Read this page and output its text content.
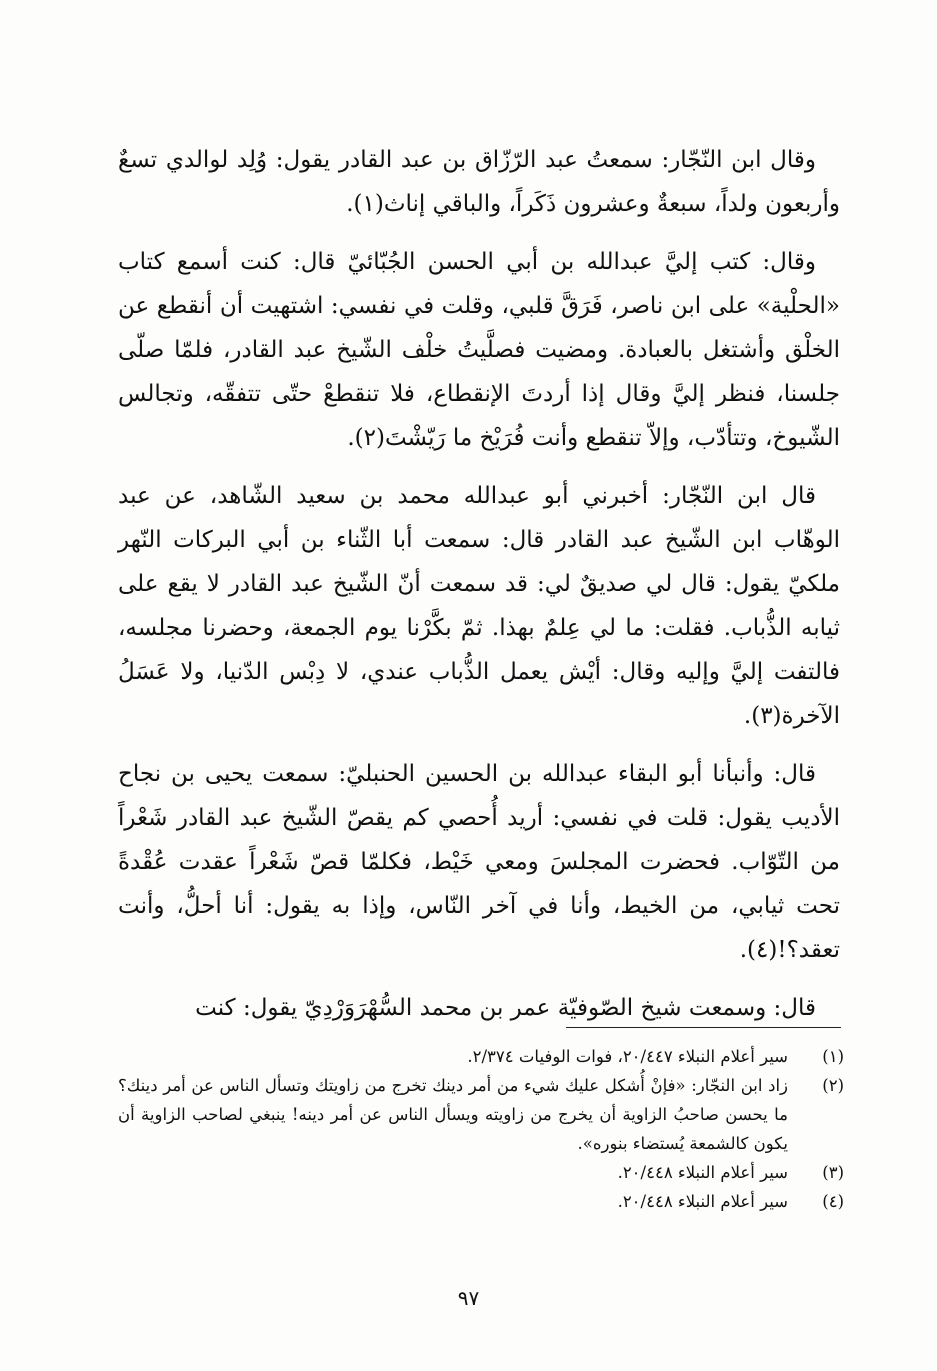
وقال ابن النّجّار: سمعتُ عبد الرّزّاق بن عبد القادر يقول: وُلِد لوالدي تسعٌ وأربعون ولداً، سبعةٌ وعشرون ذَكَراً، والباقي إناث(١).

وقال: كتب إليَّ عبدالله بن أبي الحسن الجُبّائيّ قال: كنت أسمع كتاب «الحلْية» على ابن ناصر، فَرَقَّ قلبي، وقلت في نفسي: اشتهيت أن أنقطع عن الخلْق وأشتغل بالعبادة. ومضيت فصلَّيتُ خلْف الشّيخ عبد القادر، فلمّا صلّى جلسنا، فنظر إليَّ وقال إذا أردتَ الإنقطاع، فلا تنقطعْ حتّى تتفقّه، وتجالس الشّيوخ، وتتأدّب، وإلاّ تنقطع وأنت فُرَيْخ ما رَيّشْتَ(٢).

قال ابن النّجّار: أخبرني أبو عبدالله محمد بن سعيد الشّاهد، عن عبد الوهّاب ابن الشّيخ عبد القادر قال: سمعت أبا الثّناء بن أبي البركات النّهر ملكيّ يقول: قال لي صديقٌ لي: قد سمعت أنّ الشّيخ عبد القادر لا يقع على ثيابه الذُّباب. فقلت: ما لي عِلمٌ بهذا. ثمّ بكَّرْنا يوم الجمعة، وحضرنا مجلسه، فالتفت إليَّ وإليه وقال: أيْش يعمل الذُّباب عندي، لا دِبْس الدّنيا، ولا عَسَلُ الآخرة(٣).

قال: وأنبأنا أبو البقاء عبدالله بن الحسين الحنبليّ: سمعت يحيى بن نجاح الأديب يقول: قلت في نفسي: أريد أُحصي كم يقصّ الشّيخ عبد القادر شَعْراً من التّوّاب. فحضرت المجلسَ ومعي خَيْط، فكلمّا قصّ شَعْراً عقدت عُقْدةً تحت ثيابي، من الخيط، وأنا في آخر النّاس، وإذا به يقول: أنا أحلُّ، وأنت تعقد؟!(٤).

قال: وسمعت شيخ الصّوفيّة عمر بن محمد السُّهْرَوَرْدِيّ يقول: كنت

(١)
سير أعلام النبلاء ٢٠/٤٤٧، فوات الوفيات ٢/٣٧٤.
(٢)
زاد ابن النجّار: «فإنْ أُشكل عليك شيء من أمر دينك تخرج من زاويتك وتسأل الناس عن أمر دينك؟ ما يحسن صاحبُ الزاوية أن يخرج من زاويته ويسأل الناس عن أمر دينه! ينبغي لصاحب الزاوية أن يكون كالشمعة يُستضاء بنوره».
(٣)
سير أعلام النبلاء ٢٠/٤٤٨.
(٤)
سير أعلام النبلاء ٢٠/٤٤٨.
٩٧
